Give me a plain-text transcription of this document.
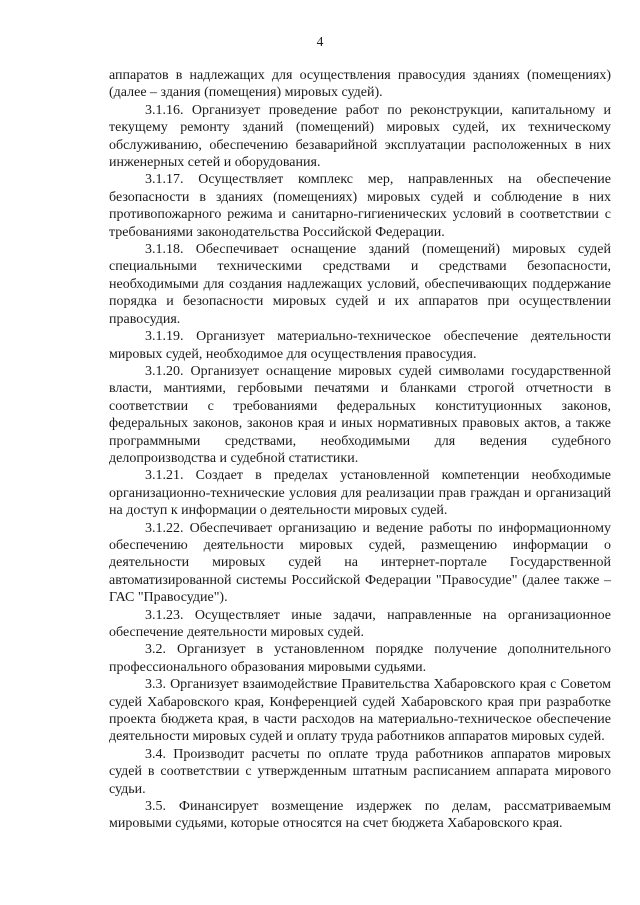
4

аппаратов в надлежащих для осуществления правосудия зданиях (помещениях) (далее – здания (помещения) мировых судей).

3.1.16. Организует проведение работ по реконструкции, капитальному и текущему ремонту зданий (помещений) мировых судей, их техническому обслуживанию, обеспечению безаварийной эксплуатации расположенных в них инженерных сетей и оборудования.

3.1.17. Осуществляет комплекс мер, направленных на обеспечение безопасности в зданиях (помещениях) мировых судей и соблюдение в них противопожарного режима и санитарно-гигиенических условий в соответствии с требованиями законодательства Российской Федерации.

3.1.18. Обеспечивает оснащение зданий (помещений) мировых судей специальными техническими средствами и средствами безопасности, необходимыми для создания надлежащих условий, обеспечивающих поддержание порядка и безопасности мировых судей и их аппаратов при осуществлении правосудия.

3.1.19. Организует материально-техническое обеспечение деятельности мировых судей, необходимое для осуществления правосудия.

3.1.20. Организует оснащение мировых судей символами государственной власти, мантиями, гербовыми печатями и бланками строгой отчетности в соответствии с требованиями федеральных конституционных законов, федеральных законов, законов края и иных нормативных правовых актов, а также программными средствами, необходимыми для ведения судебного делопроизводства и судебной статистики.

3.1.21. Создает в пределах установленной компетенции необходимые организационно-технические условия для реализации прав граждан и организаций на доступ к информации о деятельности мировых судей.

3.1.22. Обеспечивает организацию и ведение работы по информационному обеспечению деятельности мировых судей, размещению информации о деятельности мировых судей на интернет-портале Государственной автоматизированной системы Российской Федерации "Правосудие" (далее также – ГАС "Правосудие").

3.1.23. Осуществляет иные задачи, направленные на организационное обеспечение деятельности мировых судей.

3.2. Организует в установленном порядке получение дополнительного профессионального образования мировыми судьями.

3.3. Организует взаимодействие Правительства Хабаровского края с Советом судей Хабаровского края, Конференцией судей Хабаровского края при разработке проекта бюджета края, в части расходов на материально-техническое обеспечение деятельности мировых судей и оплату труда работников аппаратов мировых судей.

3.4. Производит расчеты по оплате труда работников аппаратов мировых судей в соответствии с утвержденным штатным расписанием аппарата мирового судьи.

3.5. Финансирует возмещение издержек по делам, рассматриваемым мировыми судьями, которые относятся на счет бюджета Хабаровского края.
